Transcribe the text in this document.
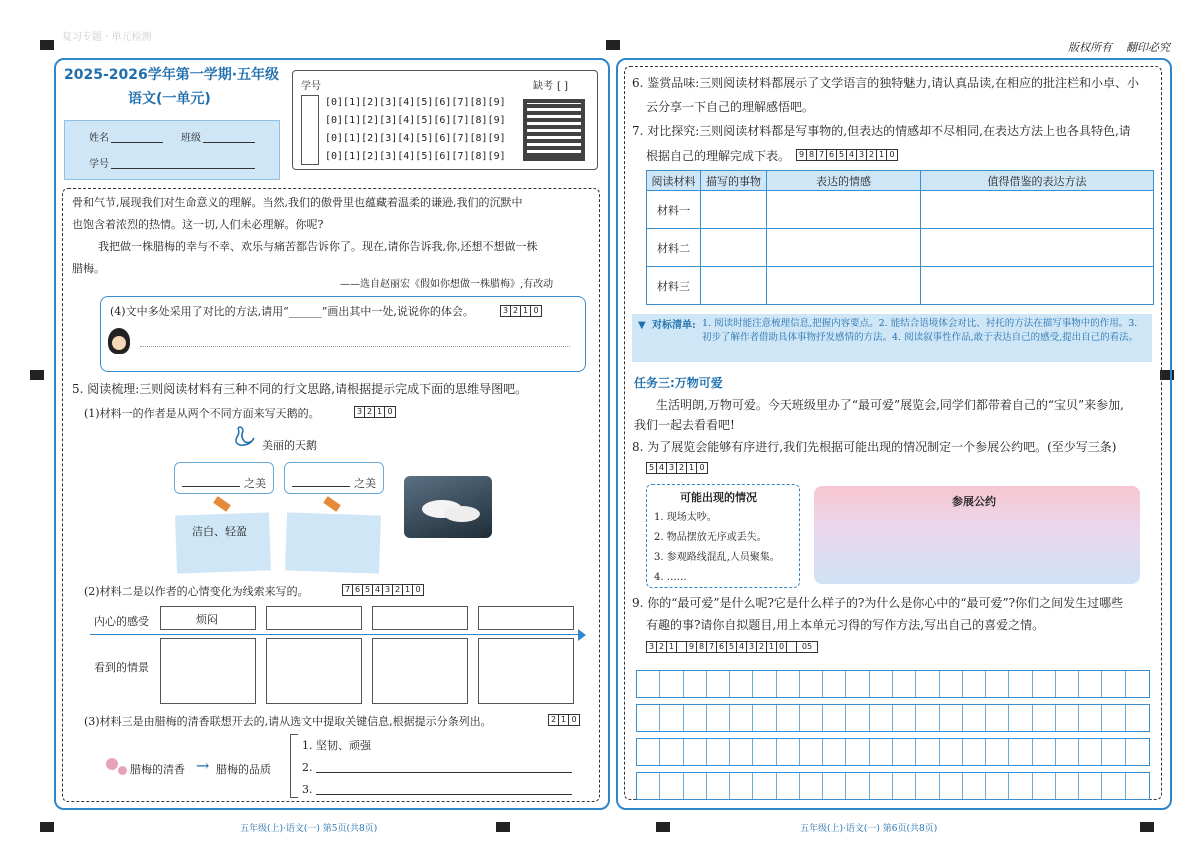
复习专题 · 单元检测
版权所有 翻印必究
2025-2026学年第一学期·五年级
语文(一单元)
姓名	班级
学号
学号	缺考 [ ]
[0][1][2][3][4][5][6][7][8][9]
[0][1][2][3][4][5][6][7][8][9]
[0][1][2][3][4][5][6][7][8][9]
[0][1][2][3][4][5][6][7][8][9]
骨和气节,展现我们对生命意义的理解。当然,我们的傲骨里也蕴藏着温柔的谦逊,我们的沉默中
也饱含着浓烈的热情。这一切,人们未必理解。你呢?
我把做一株腊梅的幸与不幸、欢乐与痛苦都告诉你了。现在,请你告诉我,你,还想不想做一株
腊梅。
——选自赵丽宏《假如你想做一株腊梅》,有改动
(4)文中多处采用了对比的方法,请用“______”画出其中一处,说说你的体会。	3 2 1 0
5. 阅读梳理:三则阅读材料有三种不同的行文思路,请根据提示完成下面的思维导图吧。
(1)材料一的作者是从两个不同方面来写天鹅的。	3 2 1 0
美丽的天鹅
之美	之美
洁白、轻盈
(2)材料二是以作者的心情变化为线索来写的。	7 6 5 4 3 2 1 0
内心的感受	烦闷
看到的情景
(3)材料三是由腊梅的清香联想开去的,请从选文中提取关键信息,根据提示分条列出。	2 1 0
腊梅的清香 → 腊梅的品质
1. 坚韧、顽强
2.
3.
五年级(上)·语文(一) 第5页(共8页)
6. 鉴赏品味:三则阅读材料都展示了文学语言的独特魅力,请认真品读,在相应的批注栏和小卓、小
云分享一下自己的理解感悟吧。
7. 对比探究:三则阅读材料都是写事物的,但表达的情感却不尽相同,在表达方法上也各具特色,请
根据自己的理解完成下表。 9 8 7 6 5 4 3 2 1 0
阅读材料	描写的事物	表达的情感	值得借鉴的表达方法
材料一			
材料二			
材料三			
▼ 对标清单: 1. 阅读时能注意梳理信息,把握内容要点。2. 能结合语境体会对比、衬托的方法在描写事物中的作用。3. 初步了解作者借助具体事物抒发感情的方法。4. 阅读叙事性作品,敢于表达自己的感受,提出自己的看法。
任务三:万物可爱
生活明朗,万物可爱。今天班级里办了“最可爱”展览会,同学们都带着自己的“宝贝”来参加,
我们一起去看看吧!
8. 为了展览会能够有序进行,我们先根据可能出现的情况制定一个参展公约吧。(至少写三条)
5 4 3 2 1 0
可能出现的情况
1. 现场太吵。
2. 物品摆放无序或丢失。
3. 参观路线混乱,人员聚集。
4. ……
参展公约
9. 你的“最可爱”是什么呢?它是什么样子的?为什么是你心中的“最可爱”?你们之间发生过哪些
有趣的事?请你自拟题目,用上本单元习得的写作方法,写出自己的喜爱之情。
3 2 1	9 8 7 6 5 4 3 2 1 0	05
五年级(上)·语文(一) 第6页(共8页)
